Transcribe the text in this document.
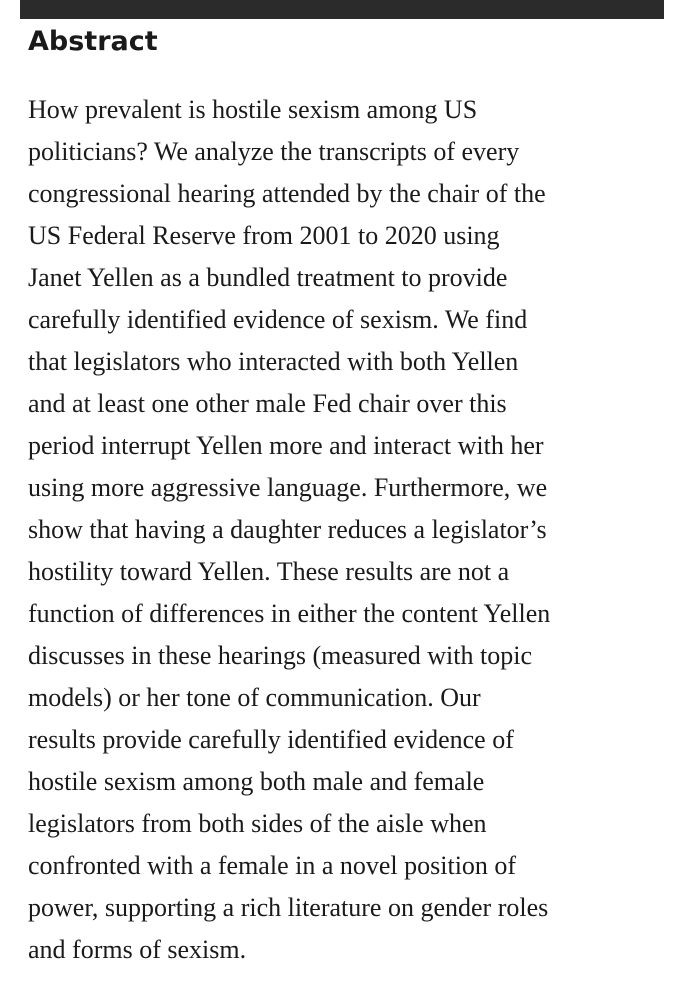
Abstract

How prevalent is hostile sexism among US
politicians? We analyze the transcripts of every
congressional hearing attended by the chair of the
US Federal Reserve from 2001 to 2020 using
Janet Yellen as a bundled treatment to provide
carefully identified evidence of sexism. We find
that legislators who interacted with both Yellen
and at least one other male Fed chair over this
period interrupt Yellen more and interact with her
using more aggressive language. Furthermore, we
show that having a daughter reduces a legislator’s
hostility toward Yellen. These results are not a
function of differences in either the content Yellen
discusses in these hearings (measured with topic
models) or her tone of communication. Our
results provide carefully identified evidence of
hostile sexism among both male and female
legislators from both sides of the aisle when
confronted with a female in a novel position of
power, supporting a rich literature on gender roles
and forms of sexism.
